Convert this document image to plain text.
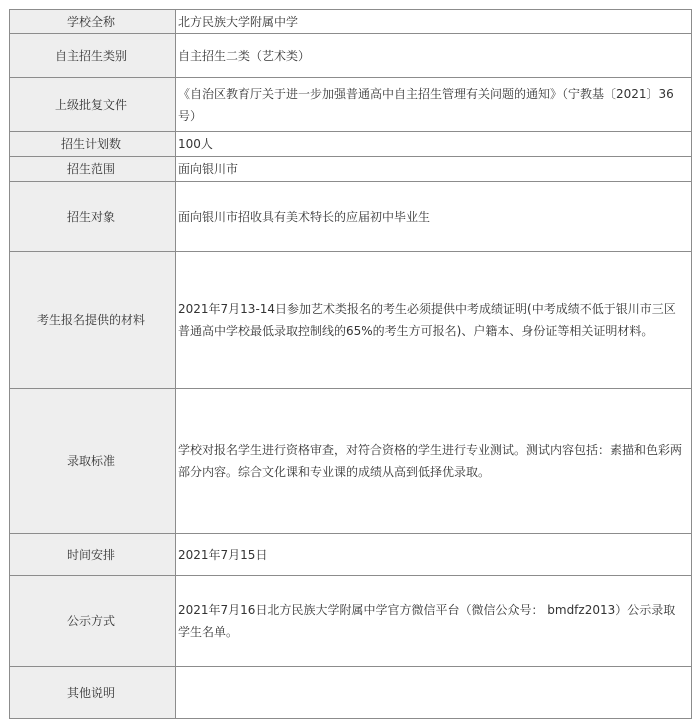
学校全称	北方民族大学附属中学
自主招生类别	自主招生二类（艺术类）
上级批复文件	《自治区教育厅关于进一步加强普通高中自主招生管理有关问题的通知》（宁教基〔2021〕36号）
招生计划数	100人
招生范围	面向银川市
招生对象	面向银川市招收具有美术特长的应届初中毕业生
考生报名提供的材料	2021年7月13-14日参加艺术类报名的考生必须提供中考成绩证明(中考成绩不低于银川市三区普通高中学校最低录取控制线的65%的考生方可报名)、户籍本、身份证等相关证明材料。
录取标准	学校对报名学生进行资格审查，对符合资格的学生进行专业测试。测试内容包括：素描和色彩两部分内容。综合文化课和专业课的成绩从高到低择优录取。
时间安排	2021年7月15日
公示方式	2021年7月16日北方民族大学附属中学官方微信平台（微信公众号： bmdfz2013）公示录取学生名单。
其他说明	
